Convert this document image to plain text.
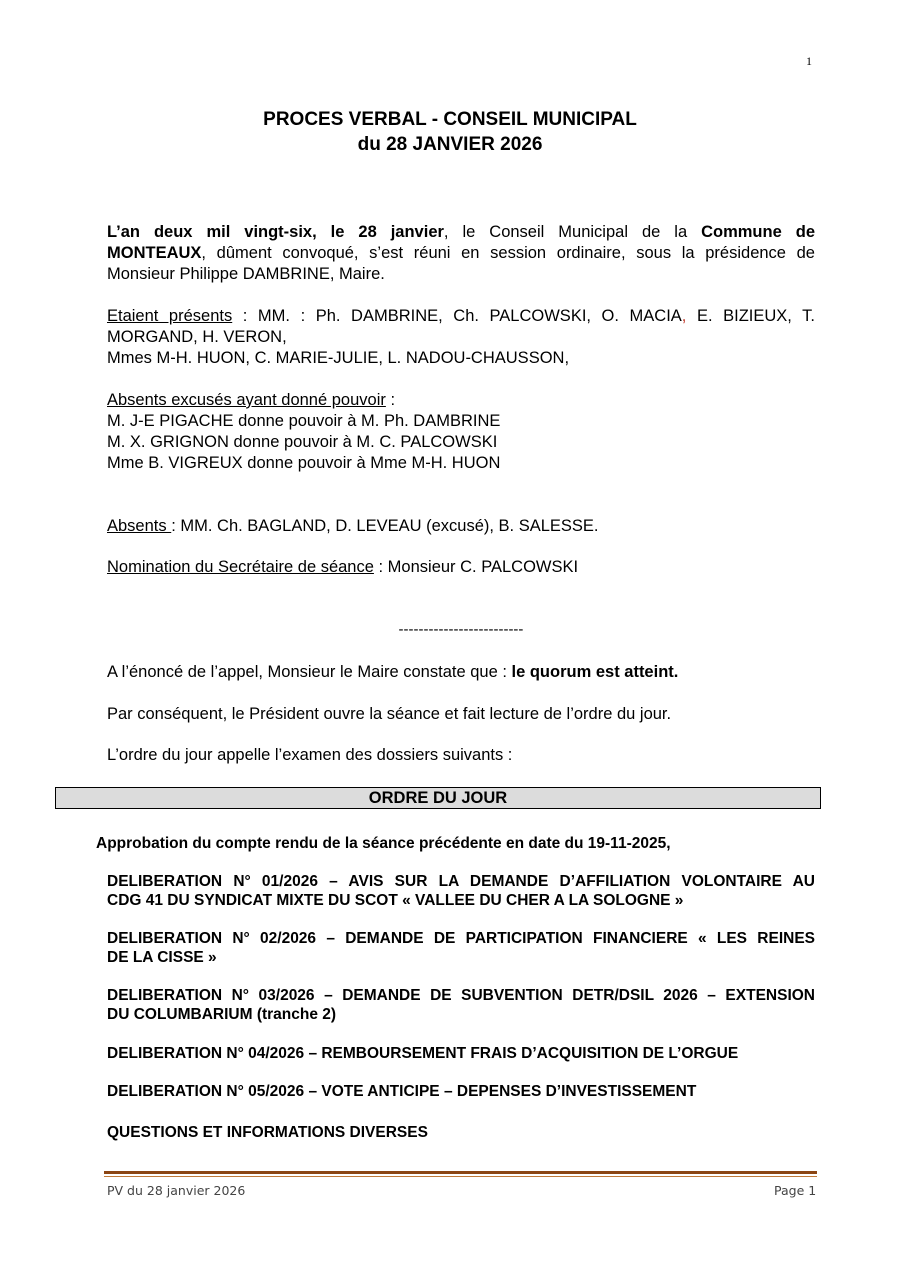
1
PROCES VERBAL - CONSEIL MUNICIPAL
du 28 JANVIER 2026
L’an deux mil vingt-six, le 28 janvier, le Conseil Municipal de la Commune de
MONTEAUX, dûment convoqué, s’est réuni en session ordinaire, sous la présidence de
Monsieur Philippe DAMBRINE, Maire.
Etaient présents : MM. : Ph. DAMBRINE, Ch. PALCOWSKI, O. MACIA, E. BIZIEUX, T.
MORGAND, H. VERON,
Mmes M-H. HUON, C. MARIE-JULIE, L. NADOU-CHAUSSON,
Absents excusés ayant donné pouvoir :
M. J-E PIGACHE donne pouvoir à M. Ph. DAMBRINE
M. X. GRIGNON donne pouvoir à M. C. PALCOWSKI
Mme B. VIGREUX donne pouvoir à Mme M-H. HUON
Absents : MM. Ch. BAGLAND, D. LEVEAU (excusé), B. SALESSE.
Nomination du Secrétaire de séance : Monsieur C. PALCOWSKI
-------------------------
A l’énoncé de l’appel, Monsieur le Maire constate que : le quorum est atteint.
Par conséquent, le Président ouvre la séance et fait lecture de l’ordre du jour.
L’ordre du jour appelle l’examen des dossiers suivants :
ORDRE DU JOUR
Approbation du compte rendu de la séance précédente en date du 19-11-2025,
DELIBERATION N° 01/2026 – AVIS SUR LA DEMANDE D’AFFILIATION VOLONTAIRE AU
CDG 41 DU SYNDICAT MIXTE DU SCOT « VALLEE DU CHER A LA SOLOGNE »
DELIBERATION N° 02/2026 – DEMANDE DE PARTICIPATION FINANCIERE « LES REINES
DE LA CISSE »
DELIBERATION N° 03/2026 – DEMANDE DE SUBVENTION DETR/DSIL 2026 – EXTENSION
DU COLUMBARIUM (tranche 2)
DELIBERATION N° 04/2026 – REMBOURSEMENT FRAIS D’ACQUISITION DE L’ORGUE
DELIBERATION N° 05/2026 – VOTE ANTICIPE – DEPENSES D’INVESTISSEMENT
QUESTIONS ET INFORMATIONS DIVERSES
PV du 28 janvier 2026	Page 1
